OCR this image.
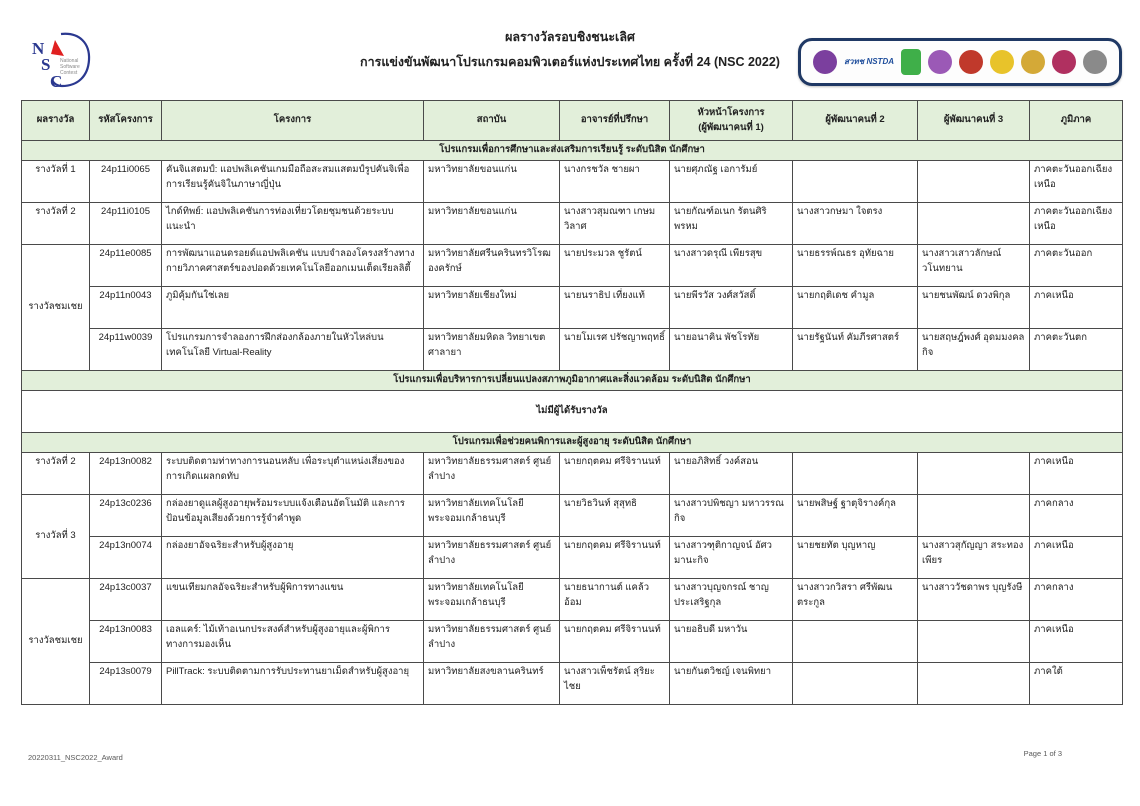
N
S
C
National
Software
Contest
ผลรางวัลรอบชิงชนะเลิศ
การแข่งขันพัฒนาโปรแกรมคอมพิวเตอร์แห่งประเทศไทย ครั้งที่ 24 (NSC 2022)	สวทช NSTDA
ผลรางวัล	รหัสโครงการ	โครงการ	สถาบัน	อาจารย์ที่ปรึกษา	หัวหน้าโครงการ
(ผู้พัฒนาคนที่ 1)	ผู้พัฒนาคนที่ 2	ผู้พัฒนาคนที่ 3	ภูมิภาค

โปรแกรมเพื่อการศึกษาและส่งเสริมการเรียนรู้ ระดับนิสิต นักศึกษา								
รางวัลที่ 1	24p11i0065	คันจิแสตมป์: แอปพลิเคชันเกมมือถือสะสมแสตมป์รูปคันจิเพื่อการเรียนรู้คันจิในภาษาญี่ปุ่น	มหาวิทยาลัยขอนแก่น	นางกรชวัล ชายผา	นายศุภณัฐ เอการัมย์			ภาคตะวันออกเฉียงเหนือ
รางวัลที่ 2	24p11i0105	ไกด์ทิพย์: แอปพลิเคชันการท่องเที่ยวโดยชุมชนด้วยระบบแนะนำ	มหาวิทยาลัยขอนแก่น	นางสาวสุมณฑา เกษมวิลาศ	นายกัณฑ์อเนก รัตนศิริพรหม	นางสาวกษมา ใจตรง		ภาคตะวันออกเฉียงเหนือ
รางวัลชมเชย	24p11e0085	การพัฒนาแอนดรอยด์แอปพลิเคชัน แบบจำลองโครงสร้างทางกายวิภาคศาสตร์ของปอดด้วยเทคโนโลยีออกเมนเต็ดเรียลลิตี้	มหาวิทยาลัยศรีนครินทรวิโรฒ องครักษ์	นายประมวล ชูรัตน์	นางสาวดรุณี เพียรสุข	นายธรรพ์ณธร อุทัยฉาย	นางสาวเสาวลักษณ์ วโนทยาน	ภาคตะวันออก
	24p11n0043	ภูมิคุ้มกันใช่เลย	มหาวิทยาลัยเชียงใหม่	นายนราธิป เที่ยงแท้	นายพีรวัส วงศ์สวัสดิ์	นายกฤติเดช คำมูล	นายชนพัฒน์ ดวงพิกุล	ภาคเหนือ
	24p11w0039	โปรแกรมการจำลองการฝึกส่องกล้องภายในหัวไหล่บนเทคโนโลยี Virtual-Reality	มหาวิทยาลัยมหิดล วิทยาเขตศาลายา	นายโมเรศ ปรัชญาพฤทธิ์	นายอนาคิน พัชโรทัย	นายรัฐนันท์ คัมภีรศาสตร์	นายสฤษฎ์พงศ์ อุดมมงคลกิจ	ภาคตะวันตก
โปรแกรมเพื่อบริหารการเปลี่ยนแปลงสภาพภูมิอากาศและสิ่งแวดล้อม ระดับนิสิต นักศึกษา								
ไม่มีผู้ได้รับรางวัล								
โปรแกรมเพื่อช่วยคนพิการและผู้สูงอายุ ระดับนิสิต นักศึกษา								
รางวัลที่ 2	24p13n0082	ระบบติดตามท่าทางการนอนหลับ เพื่อระบุตำแหน่งเสี่ยงของการเกิดแผลกดทับ	มหาวิทยาลัยธรรมศาสตร์ ศูนย์ลำปาง	นายกฤตคม ศรีจิรานนท์	นายอภิสิทธิ์ วงค์สอน			ภาคเหนือ
รางวัลที่ 3	24p13c0236	กล่องยาดูแลผู้สูงอายุพร้อมระบบแจ้งเตือนอัตโนมัติ และการป้อนข้อมูลเสียงด้วยการรู้จำคำพูด	มหาวิทยาลัยเทคโนโลยีพระจอมเกล้าธนบุรี	นายวิธวินท์ สุสุทธิ	นางสาวปพิชญา มหาวรรณกิจ	นายพสิษฐ์ ฐาตุจิรางค์กุล		ภาคกลาง
	24p13n0074	กล่องยาอัจฉริยะสำหรับผู้สูงอายุ	มหาวิทยาลัยธรรมศาสตร์ ศูนย์ลำปาง	นายกฤตคม ศรีจิรานนท์	นางสาวฑุติกาญจน์ อัศวมานะกิจ	นายชยทัต บุญหาญ	นางสาวสุกัญญา สระทองเพียร	ภาคเหนือ
รางวัลชมเชย	24p13c0037	แขนเทียมกลอัจฉริยะสำหรับผู้พิการทางแขน	มหาวิทยาลัยเทคโนโลยีพระจอมเกล้าธนบุรี	นายธนากานต์ แคล้วอ้อม	นางสาวบุญจกรณ์ ชาญประเสริฐกุล	นางสาวกวิสรา ศรีพัฒนตระกูล	นางสาววัชดาพร บุญรังษี	ภาคกลาง
	24p13n0083	เอลแคร์: ไม้เท้าอเนกประสงค์สำหรับผู้สูงอายุและผู้พิการทางการมองเห็น	มหาวิทยาลัยธรรมศาสตร์ ศูนย์ลำปาง	นายกฤตคม ศรีจิรานนท์	นายอธิบดี มหาวัน			ภาคเหนือ
	24p13s0079	PillTrack: ระบบติดตามการรับประทานยาเม็ดสำหรับผู้สูงอายุ	มหาวิทยาลัยสงขลานครินทร์	นางสาวเพ็ชรัตน์ สุริยะไชย	นายกันตวิชญ์ เจนพิทยา			ภาคใต้
20220311_NSC2022_Award	Page 1 of 3
